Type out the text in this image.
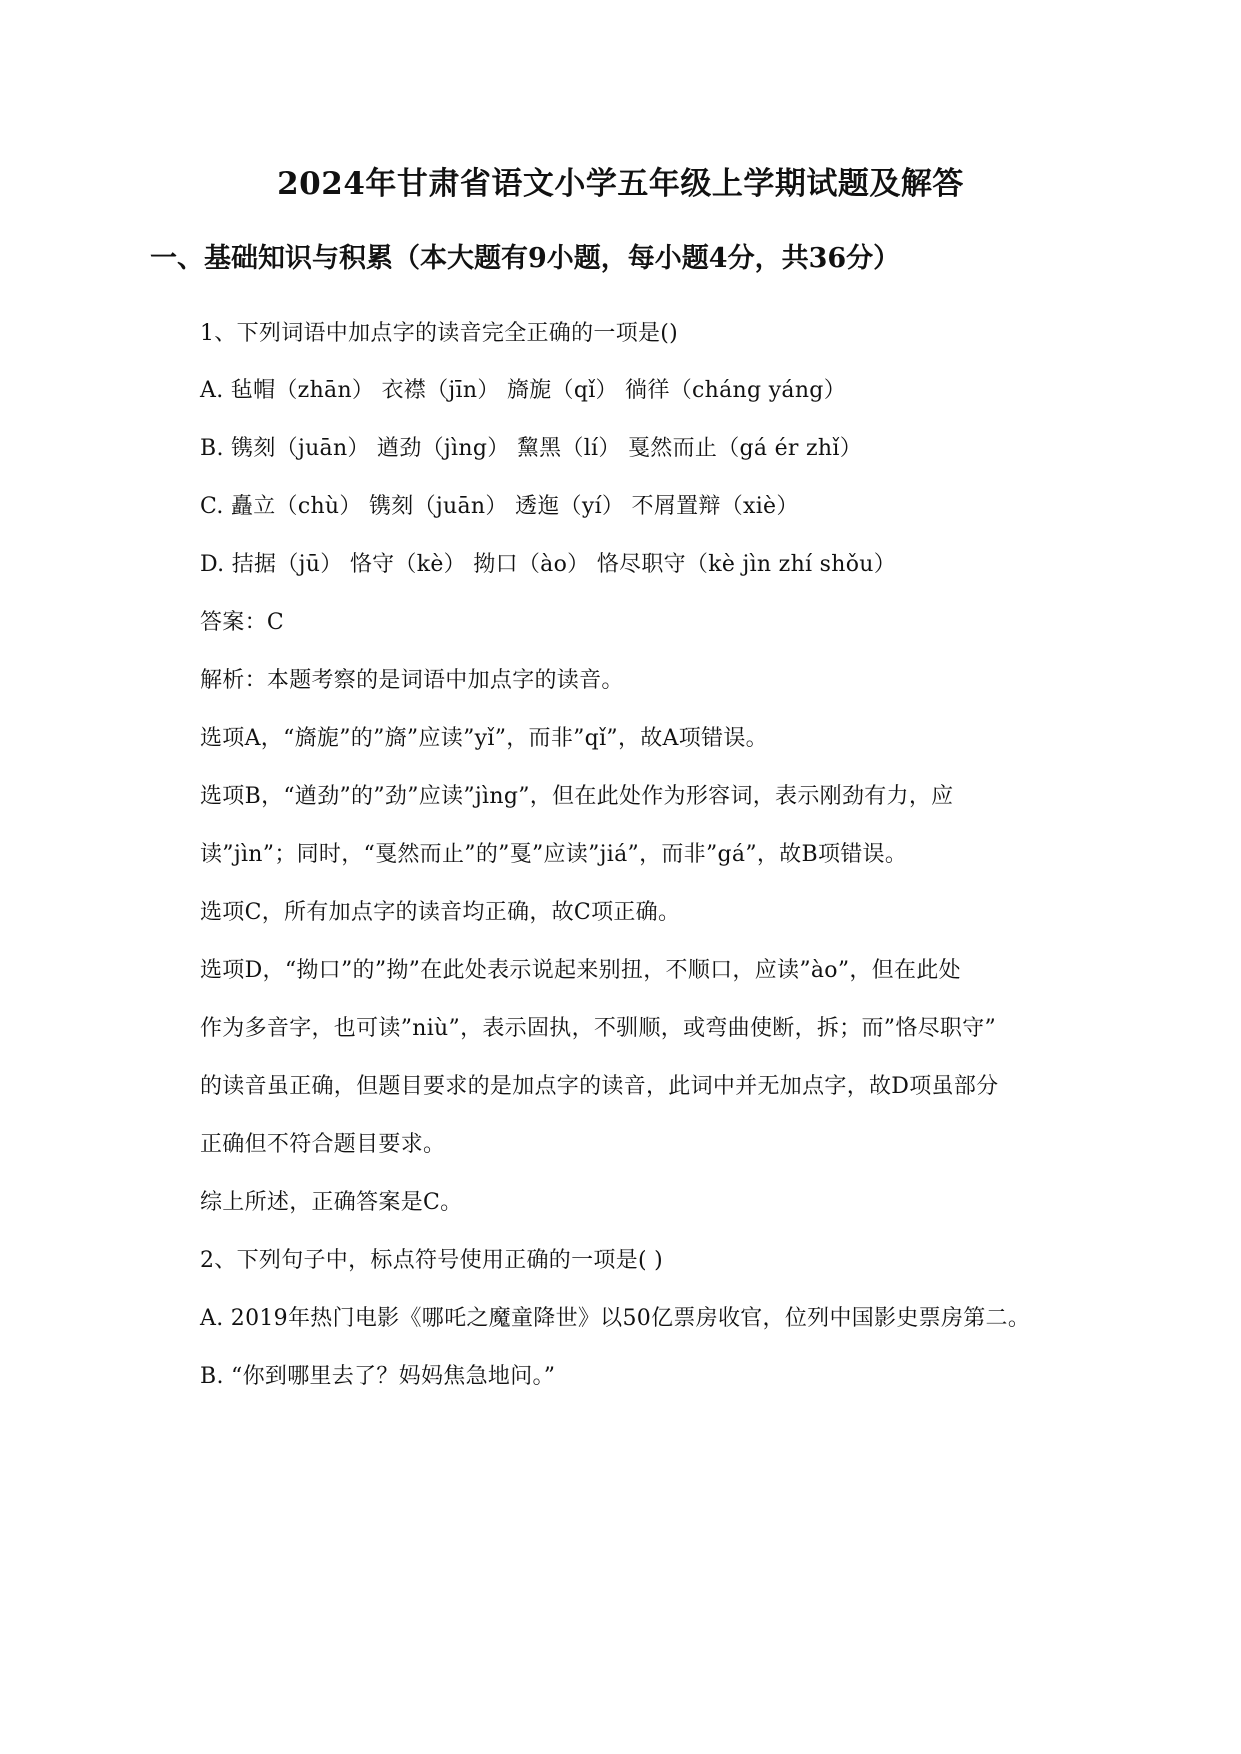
2024年甘肃省语文小学五年级上学期试题及解答
一、基础知识与积累（本大题有9小题，每小题4分，共36分）
1、下列词语中加点字的读音完全正确的一项是()
A. 毡帽（zhān） 衣襟（jīn） 旖旎（qǐ） 徜徉（cháng yáng）
B. 镌刻（juān） 遒劲（jìng） 黧黑（lí） 戛然而止（gá ér zhǐ）
C. 矗立（chù） 镌刻（juān） 透迤（yí） 不屑置辩（xiè）
D. 拮据（jū） 恪守（kè） 拗口（ào） 恪尽职守（kè jìn zhí shǒu）
答案：C
解析：本题考察的是词语中加点字的读音。
选项A，“旖旎”的”旖”应读”yǐ”，而非”qǐ”，故A项错误。
选项B，“遒劲”的”劲”应读”jìng”，但在此处作为形容词，表示刚劲有力，应
读”jìn”；同时，“戛然而止”的”戛”应读”jiá”，而非”gá”，故B项错误。
选项C，所有加点字的读音均正确，故C项正确。
选项D，“拗口”的”拗”在此处表示说起来别扭，不顺口，应读”ào”，但在此处
作为多音字，也可读”niù”，表示固执，不驯顺，或弯曲使断，拆；而”恪尽职守”
的读音虽正确，但题目要求的是加点字的读音，此词中并无加点字，故D项虽部分
正确但不符合题目要求。
综上所述，正确答案是C。
2、下列句子中，标点符号使用正确的一项是( )
A. 2019年热门电影《哪吒之魔童降世》以50亿票房收官，位列中国影史票房第二。
B. “你到哪里去了？妈妈焦急地问。”
